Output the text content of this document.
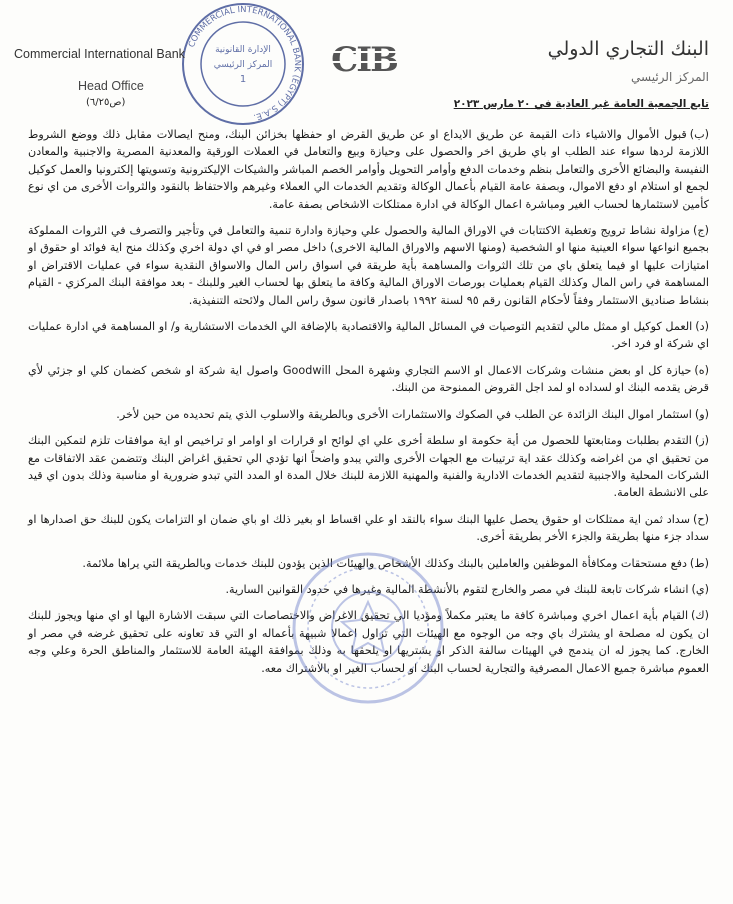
COMMERCIAL INTERNATIONAL BANK (EGYPT) S.A.E.
الإدارة القانونية
المركز الرئيسي
1
Commercial International Bank
Head Office
(ص٦/٢٥)
CIB	البنك التجاري الدولي
المركز الرئيسي
تابع الجمعية العامة غير العادية في ٢٠ مارس ٢٠٢٣

(ب)قبول الأموال والاشياء ذات القيمة عن طريق الايداع او عن طريق القرض او حفظها بخزائن البنك، ومنح ايصالات مقابل ذلك ووضع الشروط اللازمة لردها سواء عند الطلب او باي طريق اخر والحصول على وحيازة وبيع والتعامل في العملات الورقية والمعدنية المصرية والاجنبية والمعادن النفيسة والبضائع الأخرى والتعامل بنظم وخدمات الدفع وأوامر التحويل وأوامر الخصم المباشر والشيكات الإليكترونية وتسويتها إلكترونيا والعمل كوكيل لجمع او استلام او دفع الاموال، وبصفة عامة القيام بأعمال الوكالة وتقديم الخدمات الي العملاء وغيرهم والاحتفاظ بالنقود والثروات الأخرى من اي نوع كأمين لاستثمارها لحساب الغير ومباشرة اعمال الوكالة في ادارة ممتلكات الاشخاص بصفة عامة.

(ج)مزاولة نشاط ترويج وتغطية الاكتتابات في الاوراق المالية والحصول علي وحيازة وادارة تنمية والتعامل في وتأجير والتصرف في الثروات المملوكة بجميع انواعها سواء العينية منها او الشخصية (ومنها الاسهم والاوراق المالية الاخرى) داخل مصر او في اي دولة اخري وكذلك منح اية فوائد او حقوق او امتيازات عليها او فيما يتعلق باي من تلك الثروات والمساهمة بأية طريقة في اسواق راس المال والاسواق النقدية سواء في عمليات الاقتراض او المساهمة في راس المال وكذلك القيام بعمليات بورصات الاوراق المالية وكافة ما يتعلق بها لحساب الغير وللبنك - بعد موافقة البنك المركزي - القيام بنشاط صناديق الاستثمار وفقاً لأحكام القانون رقم ٩٥ لسنة ١٩٩٢ باصدار قانون سوق راس المال ولائحته التنفيذية.

(د)العمل كوكيل او ممثل مالي لتقديم التوصيات في المسائل المالية والاقتصادية بالإضافة الي الخدمات الاستشارية و/ او المساهمة في ادارة عمليات اي شركة او فرد اخر.

(ه)حيازة كل او بعض منشات وشركات الاعمال او الاسم التجاري وشهرة المحل Goodwill واصول اية شركة او شخص كضمان كلي او جزئي لأي قرض يقدمه البنك او لسداده او لمد اجل القروض الممنوحة من البنك.

(و)استثمار اموال البنك الزائدة عن الطلب في الصكوك والاستثمارات الأخرى وبالطريقة والاسلوب الذي يتم تحديده من حين لأخر.

(ز)التقدم بطلبات ومتابعتها للحصول من أية حكومة او سلطة أخرى علي اي لوائح او قرارات او اوامر او تراخيص او اية موافقات تلزم لتمكين البنك من تحقيق اي من اغراضه وكذلك عقد اية ترتيبات مع الجهات الأخرى والتي يبدو واضحاً انها تؤدي الي تحقيق اغراض البنك وتتضمن عقد الاتفاقات مع الشركات المحلية والاجنبية لتقديم الخدمات الادارية والفنية والمهنية اللازمة للبنك خلال المدة او المدد التي تبدو ضرورية او مناسبة وذلك بدون اي قيد على الانشطة العامة.

(ح)سداد ثمن اية ممتلكات او حقوق يحصل عليها البنك سواء بالنقد او علي اقساط او بغير ذلك او باي ضمان او التزامات يكون للبنك حق اصدارها او سداد جزء منها بطريقة والجزء الأخر بطريقة أخرى.

(ط)دفع مستحقات ومكافأة الموظفين والعاملين بالبنك وكذلك الأشخاص والهيئات الذين يؤدون للبنك خدمات وبالطريقة التي يراها ملائمة.

(ي)انشاء شركات تابعة للبنك في مصر والخارج لتقوم بالأنشطة المالية وغيرها في حدود القوانين السارية.

(ك)القيام بأية اعمال اخري ومباشرة كافة ما يعتبر مكملاً ومؤديا الي تحقيق الاغراض والاختصاصات التي سبقت الاشارة اليها او اي منها ويجوز للبنك ان يكون له مصلحة او يشترك باي وجه من الوجوه مع الهيئات التي تزاول اعمالا شبيهة بأعماله او التي قد تعاونه على تحقيق غرضه في مصر او الخارج. كما يجوز له ان يندمج في الهيئات سالفة الذكر او يشتريها او يلحقها به وذلك بموافقة الهيئة العامة للاستثمار والمناطق الحرة وعلي وجه العموم مباشرة جميع الاعمال المصرفية والتجارية لحساب البنك او لحساب الغير او بالاشتراك معه.
